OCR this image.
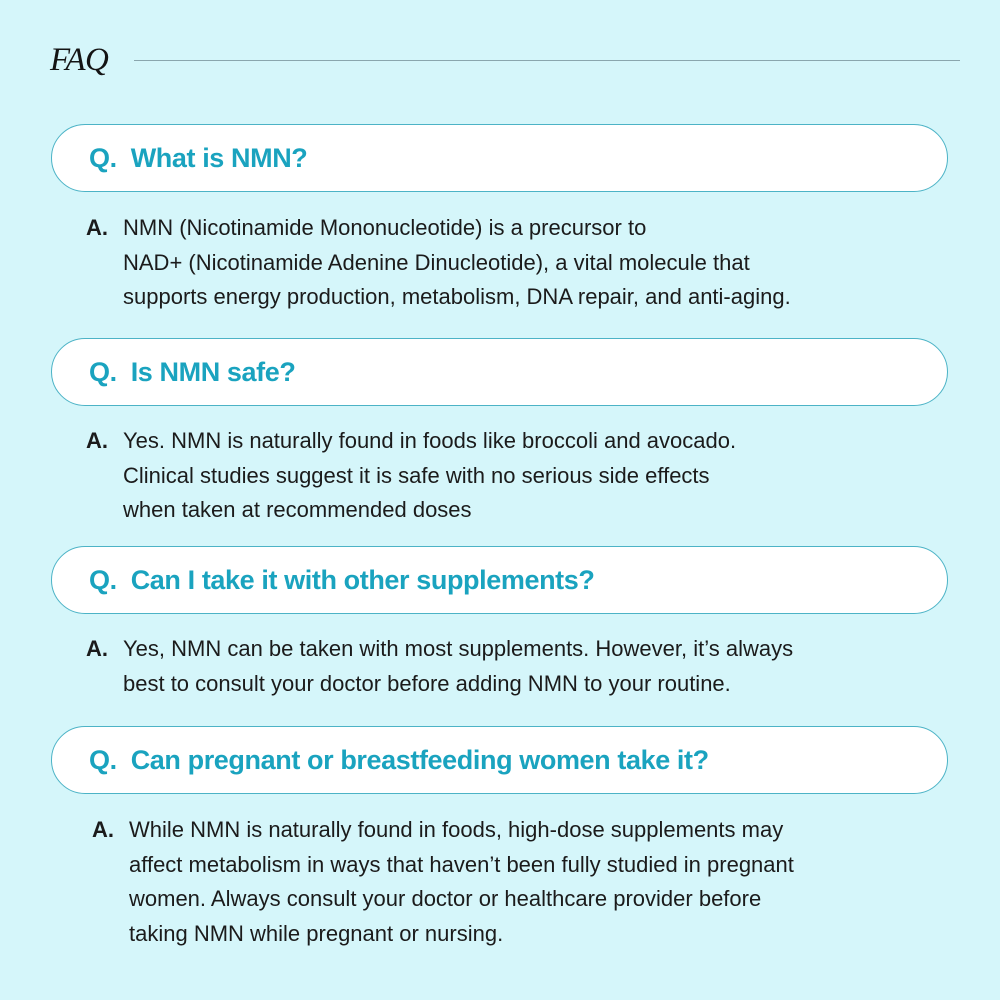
FAQ
Q. What is NMN?
A. NMN (Nicotinamide Mononucleotide) is a precursor to
NAD+ (Nicotinamide Adenine Dinucleotide), a vital molecule that
supports energy production, metabolism, DNA repair, and anti-aging.
Q. Is NMN safe?
A. Yes. NMN is naturally found in foods like broccoli and avocado.
Clinical studies suggest it is safe with no serious side effects
when taken at recommended doses
Q. Can I take it with other supplements?
A. Yes, NMN can be taken with most supplements. However, it’s always
best to consult your doctor before adding NMN to your routine.
Q. Can pregnant or breastfeeding women take it?
A. While NMN is naturally found in foods, high-dose supplements may
affect metabolism in ways that haven’t been fully studied in pregnant
women. Always consult your doctor or healthcare provider before
taking NMN while pregnant or nursing.
